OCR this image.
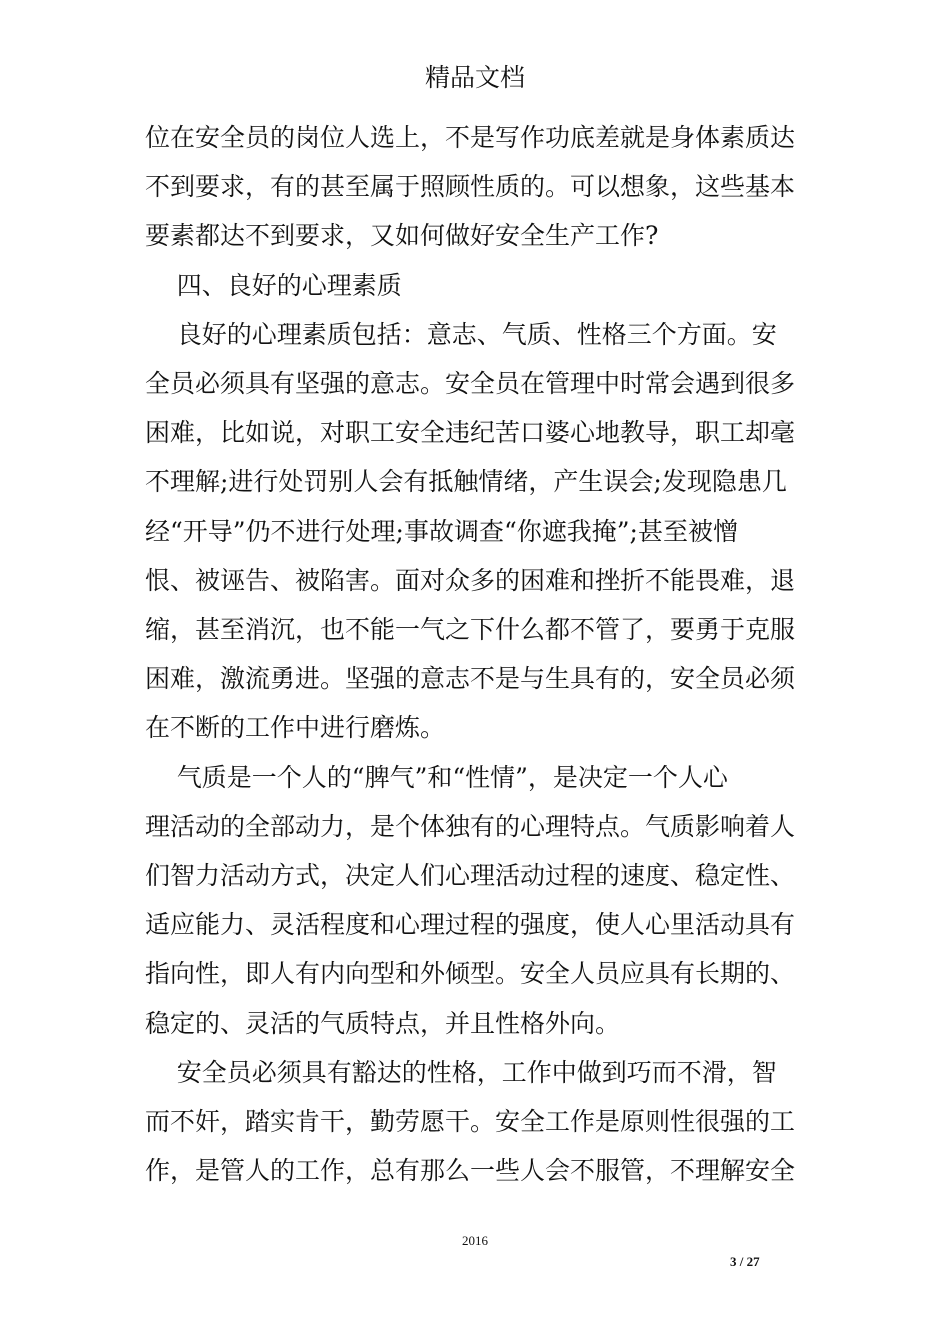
精品文档

位在安全员的岗位人选上，不是写作功底差就是身体素质达

不到要求，有的甚至属于照顾性质的。可以想象，这些基本

要素都达不到要求，又如何做好安全生产工作?

四、良好的心理素质

良好的心理素质包括：意志、气质、性格三个方面。安

全员必须具有坚强的意志。安全员在管理中时常会遇到很多

困难，比如说，对职工安全违纪苦口婆心地教导，职工却毫

不理解;进行处罚别人会有抵触情绪，产生误会;发现隐患几

经“开导”仍不进行处理;事故调查“你遮我掩”;甚至被憎

恨、被诬告、被陷害。面对众多的困难和挫折不能畏难，退

缩，甚至消沉，也不能一气之下什么都不管了，要勇于克服

困难，激流勇进。坚强的意志不是与生具有的，安全员必须

在不断的工作中进行磨炼。

气质是一个人的“脾气”和“性情”，是决定一个人心

理活动的全部动力，是个体独有的心理特点。气质影响着人

们智力活动方式，决定人们心理活动过程的速度、稳定性、

适应能力、灵活程度和心理过程的强度，使人心里活动具有

指向性，即人有内向型和外倾型。安全人员应具有长期的、

稳定的、灵活的气质特点，并且性格外向。

安全员必须具有豁达的性格，工作中做到巧而不滑，智

而不奸，踏实肯干，勤劳愿干。安全工作是原则性很强的工

作，是管人的工作，总有那么一些人会不服管，不理解安全

2016
3 / 27
